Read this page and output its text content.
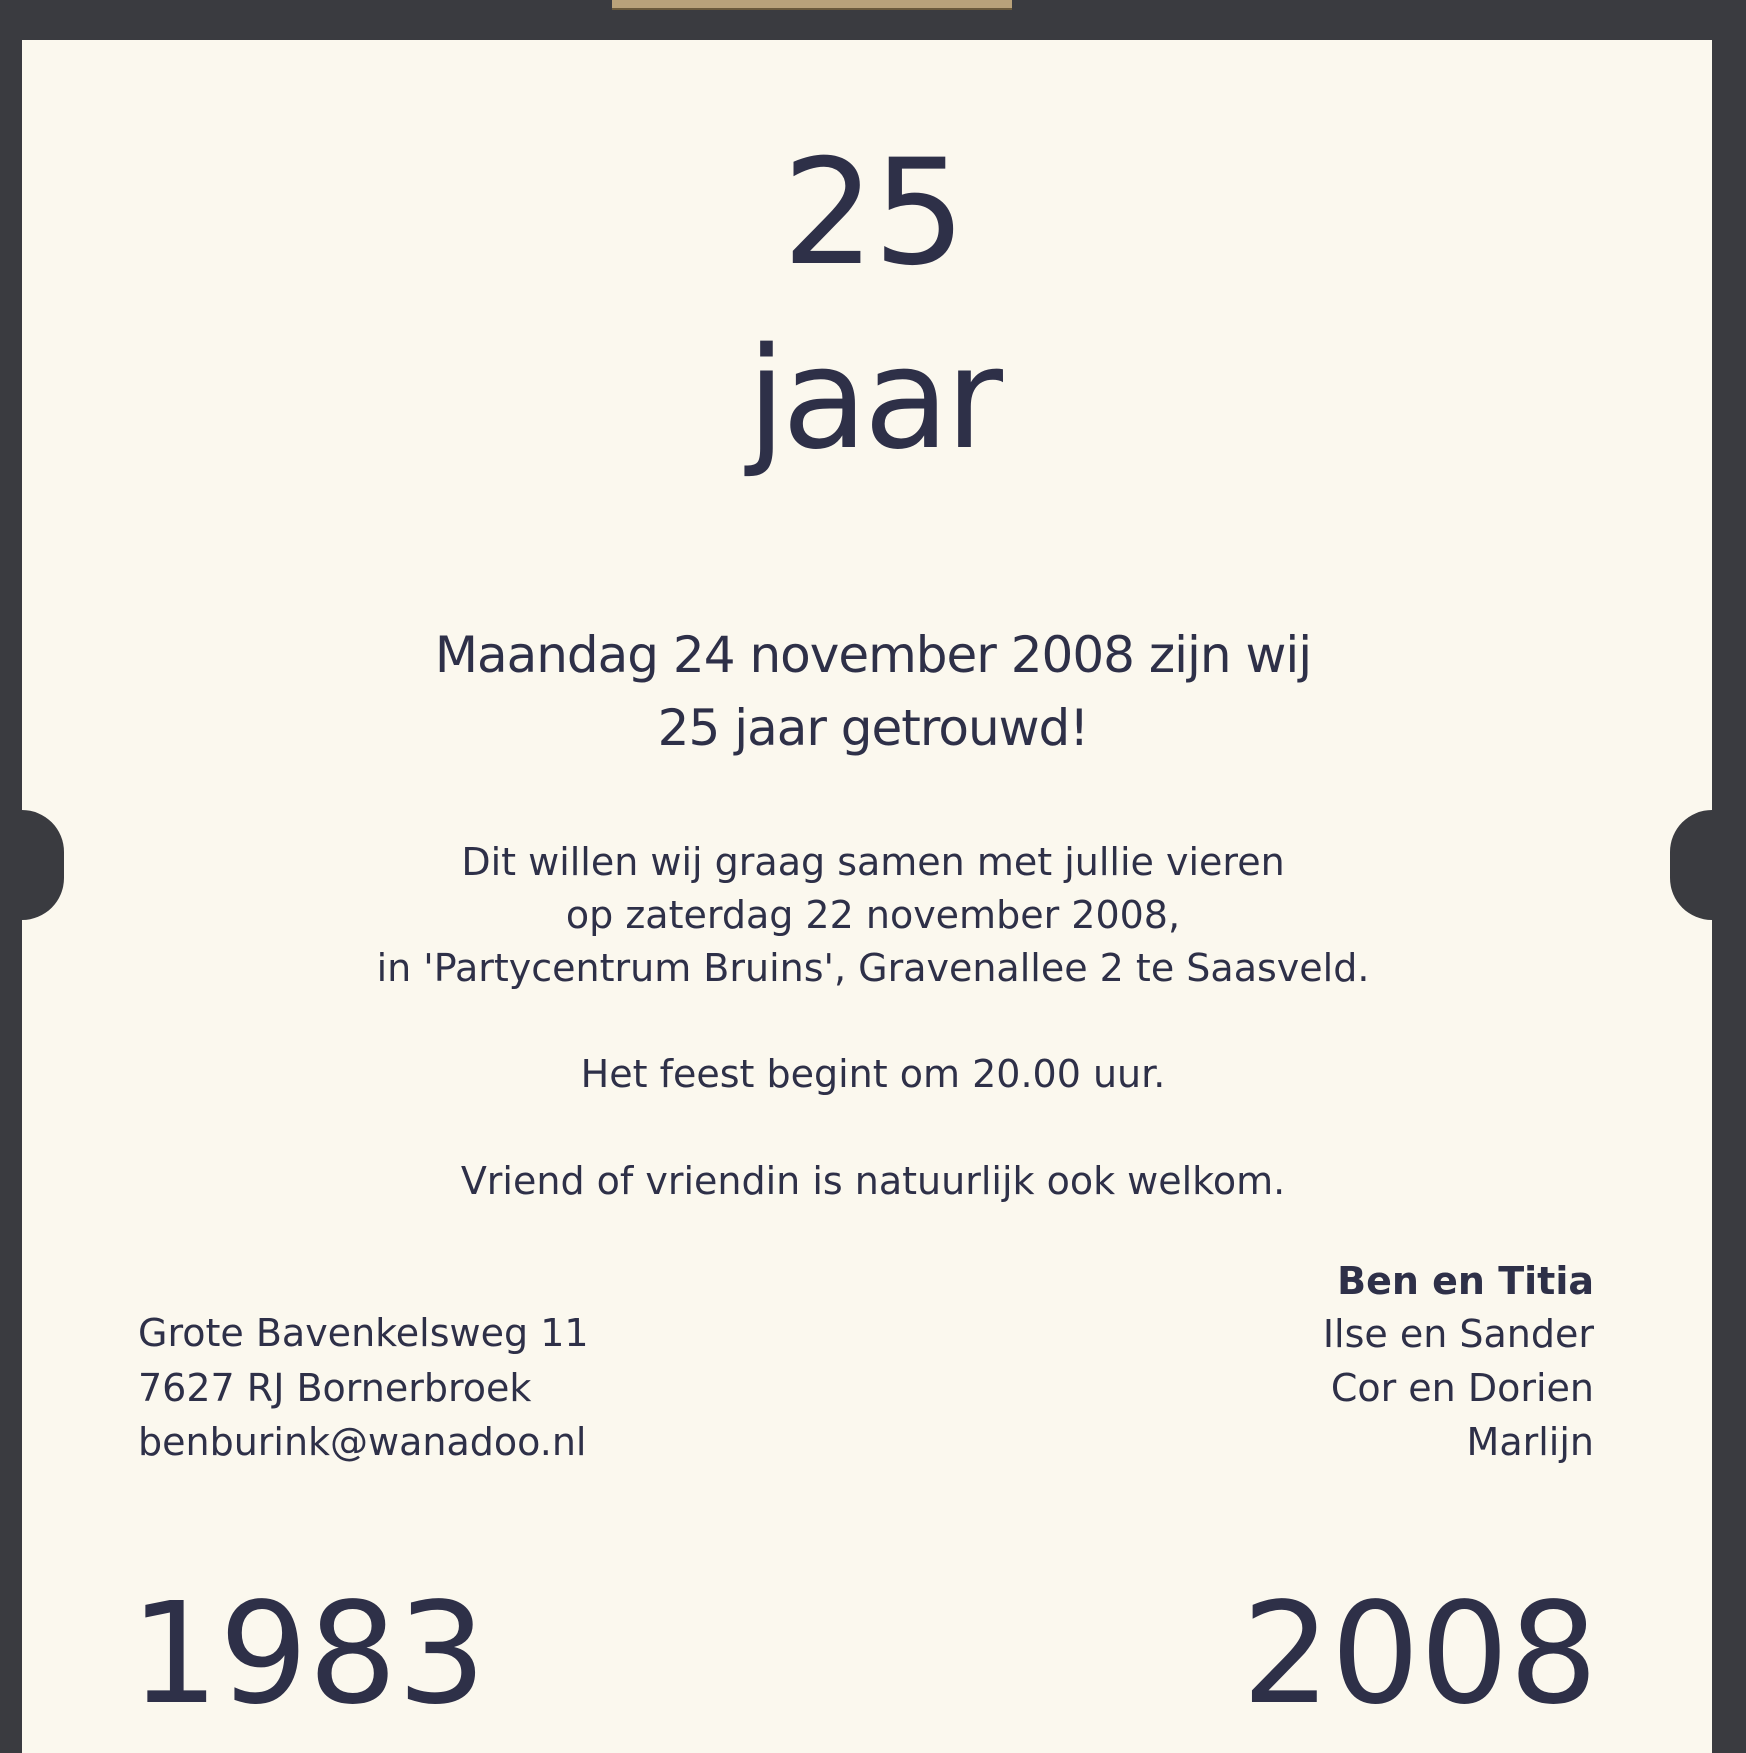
25
jaar
Maandag 24 november 2008 zijn wij
25 jaar getrouwd!
Dit willen wij graag samen met jullie vieren
op zaterdag 22 november 2008,
in 'Partycentrum Bruins', Gravenallee 2 te Saasveld.
Het feest begint om 20.00 uur.
Vriend of vriendin is natuurlijk ook welkom.
Grote Bavenkelsweg 11
7627 RJ Bornerbroek
benburink@wanadoo.nl
Ben en Titia
Ilse en Sander
Cor en Dorien
Marlijn
1983	2008
